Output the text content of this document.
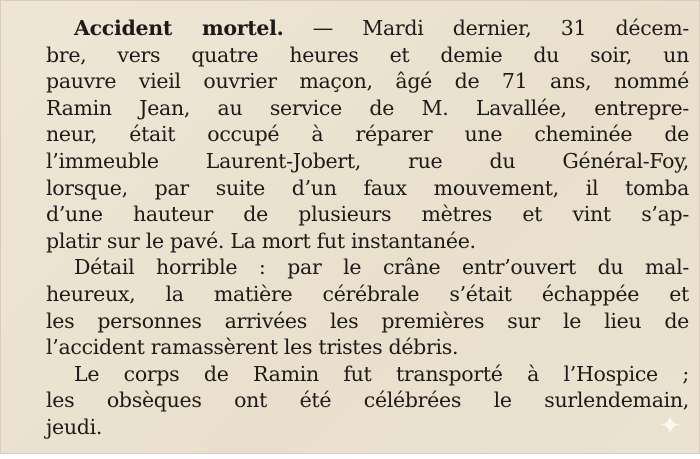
Accident mortel. — Mardi dernier, 31 décem-
bre, vers quatre heures et demie du soir, un
pauvre vieil ouvrier maçon, âgé de 71 ans, nommé
Ramin Jean, au service de M. Lavallée, entrepre-
neur, était occupé à réparer une cheminée de
l’immeuble Laurent-Jobert, rue du Général-Foy,
lorsque, par suite d’un faux mouvement, il tomba
d’une hauteur de plusieurs mètres et vint s’ap-
platir sur le pavé. La mort fut instantanée.
Détail horrible : par le crâne entr’ouvert du mal-
heureux, la matière cérébrale s’était échappée et
les personnes arrivées les premières sur le lieu de
l’accident ramassèrent les tristes débris.
Le corps de Ramin fut transporté à l’Hospice ;
les obsèques ont été célébrées le surlendemain,
jeudi.	✦
